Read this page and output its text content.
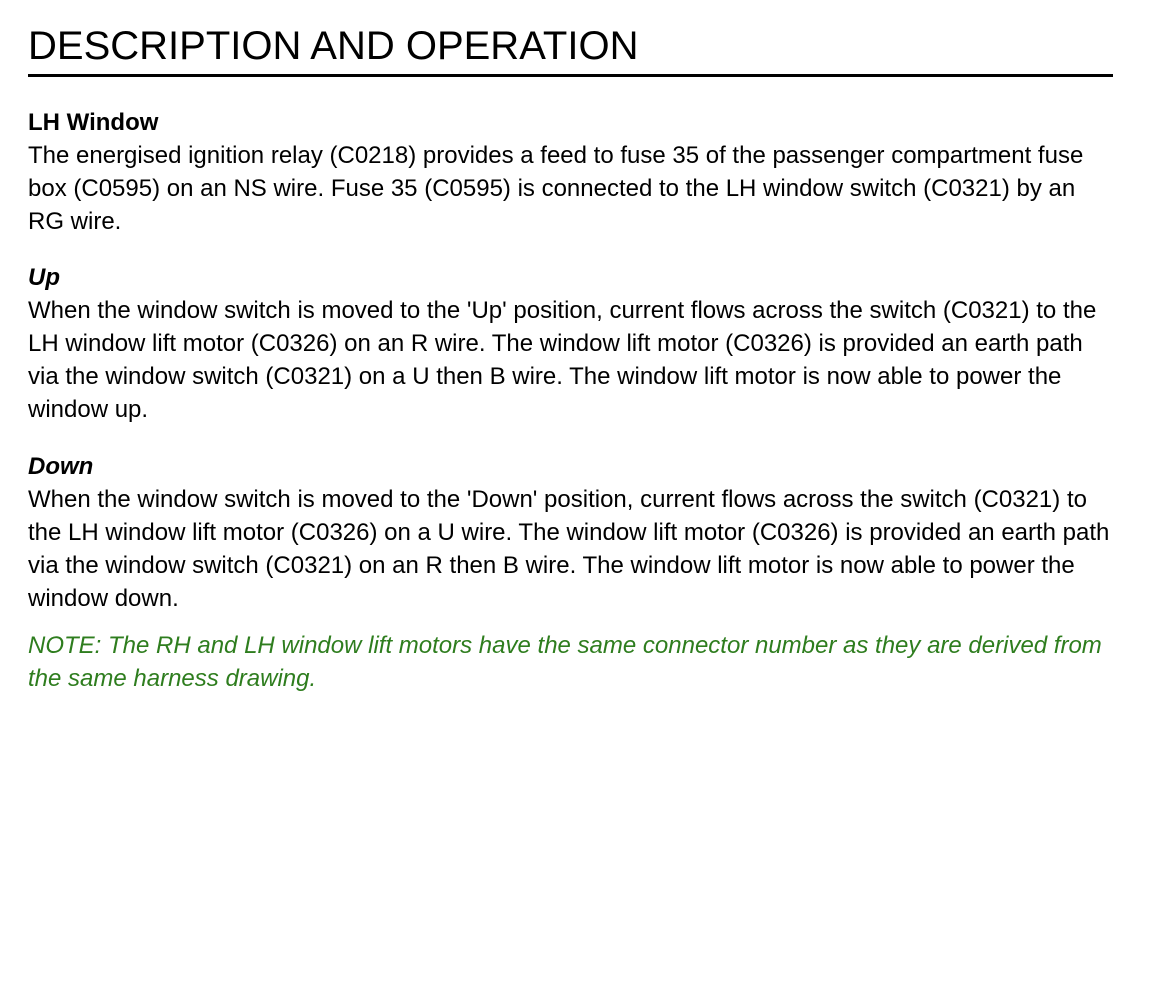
DESCRIPTION AND OPERATION
LH Window

The energised ignition relay (C0218) provides a feed to fuse 35 of the passenger compartment fuse box (C0595) on an NS wire. Fuse 35 (C0595) is connected to the LH window switch (C0321) by an RG wire.

Up

When the window switch is moved to the 'Up' position, current flows across the switch (C0321) to the LH window lift motor (C0326) on an R wire. The window lift motor (C0326) is provided an earth path via the window switch (C0321) on a U then B wire. The window lift motor is now able to power the window up.

Down

When the window switch is moved to the 'Down' position, current flows across the switch (C0321) to the LH window lift motor (C0326) on a U wire. The window lift motor (C0326) is provided an earth path via the window switch (C0321) on an R then B wire. The window lift motor is now able to power the window down.

NOTE: The RH and LH window lift motors have the same connector number as they are derived from the same harness drawing.
